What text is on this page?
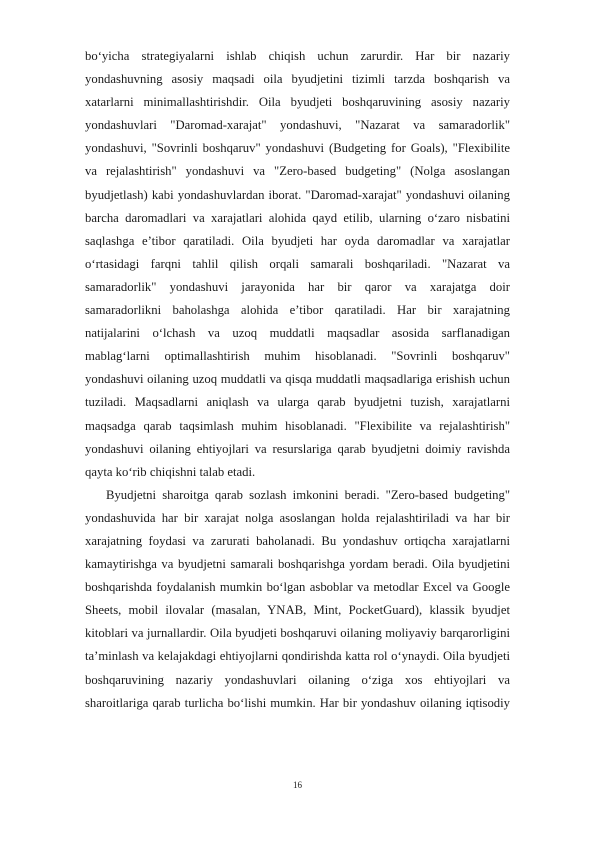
bo‘yicha strategiyalarni ishlab chiqish uchun zarurdir. Har bir nazariy
yondashuvning asosiy maqsadi oila byudjetini tizimli tarzda boshqarish va
xatarlarni minimallashtirishdir. Oila byudjeti boshqaruvining asosiy nazariy
yondashuvlari "Daromad-xarajat" yondashuvi, "Nazarat va samaradorlik"
yondashuvi, "Sovrinli boshqaruv" yondashuvi (Budgeting for Goals), "Flexibilite
va rejalashtirish" yondashuvi va "Zero-based budgeting" (Nolga asoslangan
byudjetlash) kabi yondashuvlardan iborat. "Daromad-xarajat" yondashuvi oilaning
barcha daromadlari va xarajatlari alohida qayd etilib, ularning o‘zaro nisbatini
saqlashga e’tibor qaratiladi. Oila byudjeti har oyda daromadlar va xarajatlar
o‘rtasidagi farqni tahlil qilish orqali samarali boshqariladi. "Nazarat va
samaradorlik" yondashuvi jarayonida har bir qaror va xarajatga doir
samaradorlikni baholashga alohida e’tibor qaratiladi. Har bir xarajatning
natijalarini o‘lchash va uzoq muddatli maqsadlar asosida sarflanadigan
mablag‘larni optimallashtirish muhim hisoblanadi. "Sovrinli boshqaruv"
yondashuvi oilaning uzoq muddatli va qisqa muddatli maqsadlariga erishish uchun
tuziladi. Maqsadlarni aniqlash va ularga qarab byudjetni tuzish, xarajatlarni
maqsadga qarab taqsimlash muhim hisoblanadi. "Flexibilite va rejalashtirish"
yondashuvi oilaning ehtiyojlari va resurslariga qarab byudjetni doimiy ravishda
qayta ko‘rib chiqishni talab etadi.
Byudjetni sharoitga qarab sozlash imkonini beradi. "Zero-based budgeting"
yondashuvida har bir xarajat nolga asoslangan holda rejalashtiriladi va har bir
xarajatning foydasi va zarurati baholanadi. Bu yondashuv ortiqcha xarajatlarni
kamaytirishga va byudjetni samarali boshqarishga yordam beradi. Oila byudjetini
boshqarishda foydalanish mumkin bo‘lgan asboblar va metodlar Excel va Google
Sheets, mobil ilovalar (masalan, YNAB, Mint, PocketGuard), klassik byudjet
kitoblari va jurnallardir. Oila byudjeti boshqaruvi oilaning moliyaviy barqarorligini
ta’minlash va kelajakdagi ehtiyojlarni qondirishda katta rol o‘ynaydi. Oila byudjeti
boshqaruvining nazariy yondashuvlari oilaning o‘ziga xos ehtiyojlari va
sharoitlariga qarab turlicha bo‘lishi mumkin. Har bir yondashuv oilaning iqtisodiy
16
